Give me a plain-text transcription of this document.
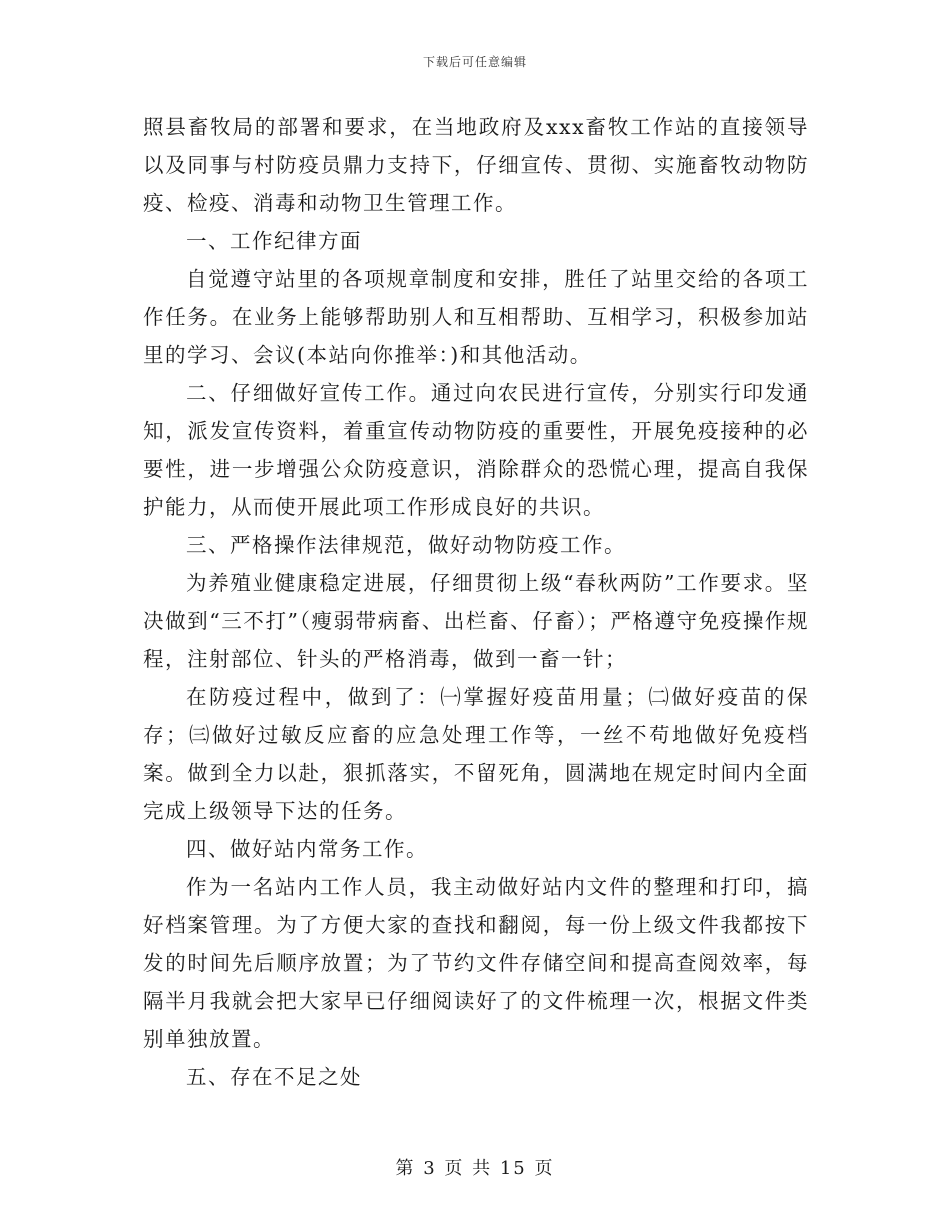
下载后可任意编辑

照县畜牧局的部署和要求，在当地政府及xxx畜牧工作站的直接领导以及同事与村防疫员鼎力支持下，仔细宣传、贯彻、实施畜牧动物防疫、检疫、消毒和动物卫生管理工作。

一、工作纪律方面

自觉遵守站里的各项规章制度和安排，胜任了站里交给的各项工作任务。在业务上能够帮助别人和互相帮助、互相学习，积极参加站里的学习、会议(本站向你推举：)和其他活动。

二、仔细做好宣传工作。通过向农民进行宣传，分别实行印发通知，派发宣传资料，着重宣传动物防疫的重要性，开展免疫接种的必要性，进一步增强公众防疫意识，消除群众的恐慌心理，提高自我保护能力，从而使开展此项工作形成良好的共识。

三、严格操作法律规范，做好动物防疫工作。

为养殖业健康稳定进展，仔细贯彻上级“春秋两防”工作要求。坚决做到“三不打”（瘦弱带病畜、出栏畜、仔畜）；严格遵守免疫操作规程，注射部位、针头的严格消毒，做到一畜一针；

在防疫过程中，做到了：㈠掌握好疫苗用量；㈡做好疫苗的保存；㈢做好过敏反应畜的应急处理工作等，一丝不苟地做好免疫档案。做到全力以赴，狠抓落实，不留死角，圆满地在规定时间内全面完成上级领导下达的任务。

四、做好站内常务工作。

作为一名站内工作人员，我主动做好站内文件的整理和打印，搞好档案管理。为了方便大家的查找和翻阅，每一份上级文件我都按下发的时间先后顺序放置；为了节约文件存储空间和提高查阅效率，每隔半月我就会把大家早已仔细阅读好了的文件梳理一次，根据文件类别单独放置。

五、存在不足之处

第 3 页 共 15 页
